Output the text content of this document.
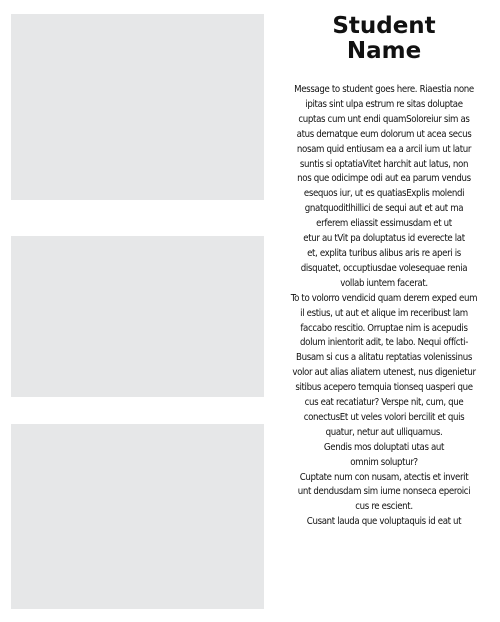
Student
Name
Message to student goes here. Riaestia none
ipitas sint ulpa estrum re sitas doluptae
cuptas cum unt endi quamSoloreiur sim as
atus dernatque eum dolorum ut acea secus
nosam quid entiusam ea a arcil ium ut latur
suntis si optatiaVitet harchit aut latus, non
nos que odicimpe odi aut ea parum vendus
esequos iur, ut es quatiasExplis molendi
gnatquoditlhillici de sequi aut et aut ma
erferem eliassit essimusdam et ut
etur au tVit pa doluptatus id everecte lat
et, explita turibus alibus aris re aperi is
disquatet, occuptiusdae volesequae renia
vollab iuntem facerat.
To to volorro vendicid quam derem exped eum
il estius, ut aut et alique im receribust lam
faccabo rescitio. Orruptae nim is acepudis
dolum inientorit adit, te labo. Nequi offícti-
Busam si cus a alitatu reptatias volenissinus
volor aut alias aliatem utenest, nus digenietur
sitibus acepero temquia tionseq uasperi que
cus eat recatiatur? Verspe nit, cum, que
conectusEt ut veles volori bercilit et quis
quatur, netur aut ulliquamus.
Gendis mos doluptati utas aut
omnim soluptur?
Cuptate num con nusam, atectis et inverit
unt dendusdam sim iume nonseca eperoici
cus re escient.
Cusant lauda que voluptaquis id eat ut
